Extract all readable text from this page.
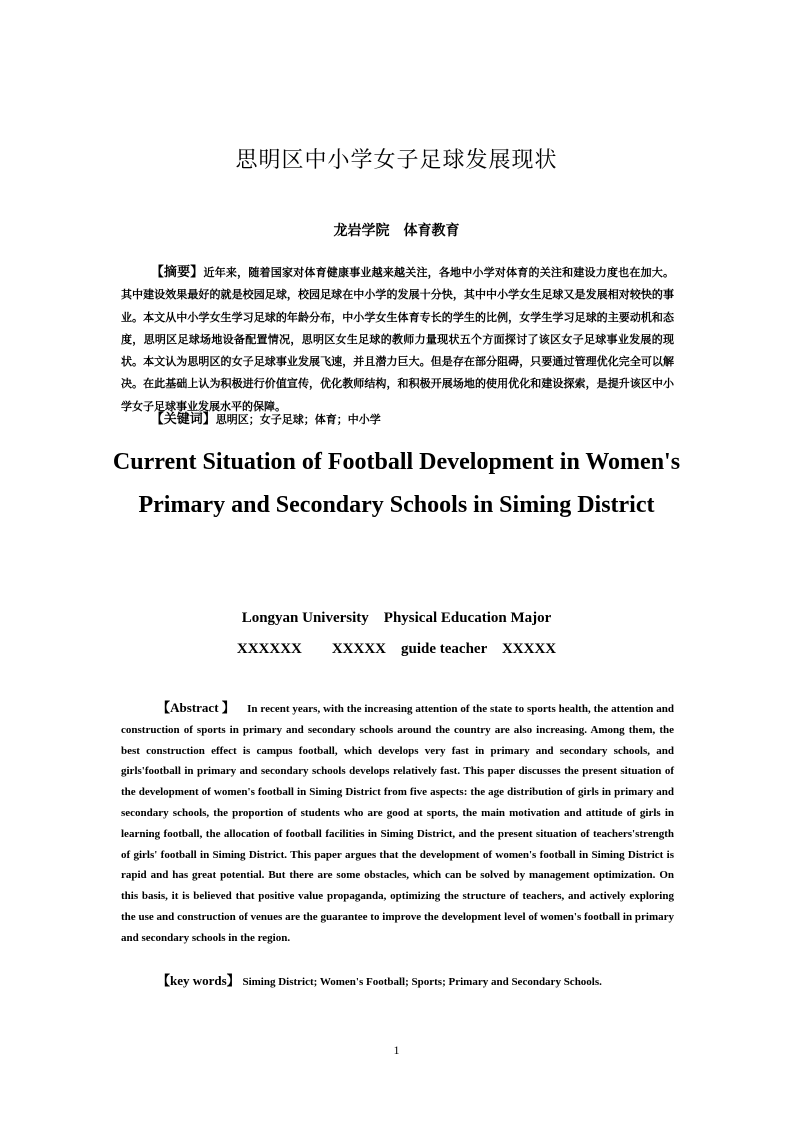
思明区中小学女子足球发展现状
龙岩学院　体育教育

【摘要】近年来，随着国家对体育健康事业越来越关注，各地中小学对体育的关注和建设力度也在加大。其中建设效果最好的就是校园足球，校园足球在中小学的发展十分快，其中中小学女生足球又是发展相对较快的事业。本文从中小学女生学习足球的年龄分布，中小学女生体育专长的学生的比例，女学生学习足球的主要动机和态度，思明区足球场地设备配置情况，思明区女生足球的教师力量现状五个方面探讨了该区女子足球事业发展的现状。本文认为思明区的女子足球事业发展飞速，并且潜力巨大。但是存在部分阻碍，只要通过管理优化完全可以解决。在此基础上认为积极进行价值宣传，优化教师结构，和积极开展场地的使用优化和建设探索，是提升该区中小学女子足球事业发展水平的保障。

【关键词】思明区；女子足球；体育；中小学

Current Situation of Football Development in Women's Primary and Secondary Schools in Siming District
Longyan University　Physical Education Major
XXXXXX　　XXXXX　guide teacher　XXXXX

【Abstract 】 In recent years, with the increasing attention of the state to sports health, the attention and construction of sports in primary and secondary schools around the country are also increasing. Among them, the best construction effect is campus football, which develops very fast in primary and secondary schools, and girls'football in primary and secondary schools develops relatively fast. This paper discusses the present situation of the development of women's football in Siming District from five aspects: the age distribution of girls in primary and secondary schools, the proportion of students who are good at sports, the main motivation and attitude of girls in learning football, the allocation of football facilities in Siming District, and the present situation of teachers'strength of girls' football in Siming District. This paper argues that the development of women's football in Siming District is rapid and has great potential. But there are some obstacles, which can be solved by management optimization. On this basis, it is believed that positive value propaganda, optimizing the structure of teachers, and actively exploring the use and construction of venues are the guarantee to improve the development level of women's football in primary and secondary schools in the region.

【key words】 Siming District; Women's Football; Sports; Primary and Secondary Schools.

1
